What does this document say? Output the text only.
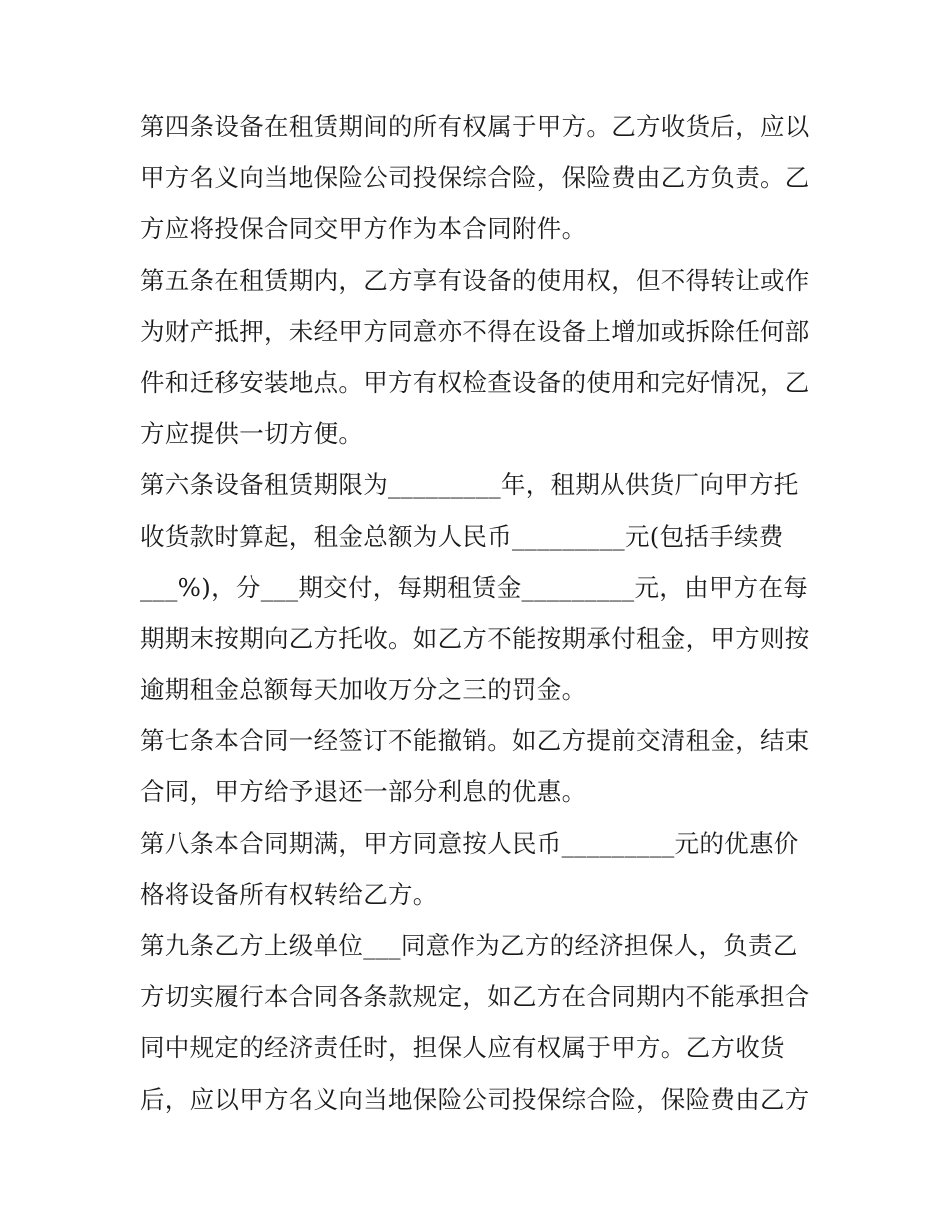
第四条设备在租赁期间的所有权属于甲方。乙方收货后，应以
甲方名义向当地保险公司投保综合险，保险费由乙方负责。乙
方应将投保合同交甲方作为本合同附件。
第五条在租赁期内，乙方享有设备的使用权，但不得转让或作
为财产抵押，未经甲方同意亦不得在设备上增加或拆除任何部
件和迁移安装地点。甲方有权检查设备的使用和完好情况，乙
方应提供一切方便。
第六条设备租赁期限为_________年，租期从供货厂向甲方托
收货款时算起，租金总额为人民币_________元(包括手续费
___%)，分___期交付，每期租赁金_________元，由甲方在每
期期末按期向乙方托收。如乙方不能按期承付租金，甲方则按
逾期租金总额每天加收万分之三的罚金。
第七条本合同一经签订不能撤销。如乙方提前交清租金，结束
合同，甲方给予退还一部分利息的优惠。
第八条本合同期满，甲方同意按人民币_________元的优惠价
格将设备所有权转给乙方。
第九条乙方上级单位___同意作为乙方的经济担保人，负责乙
方切实履行本合同各条款规定，如乙方在合同期内不能承担合
同中规定的经济责任时，担保人应有权属于甲方。乙方收货
后，应以甲方名义向当地保险公司投保综合险，保险费由乙方
